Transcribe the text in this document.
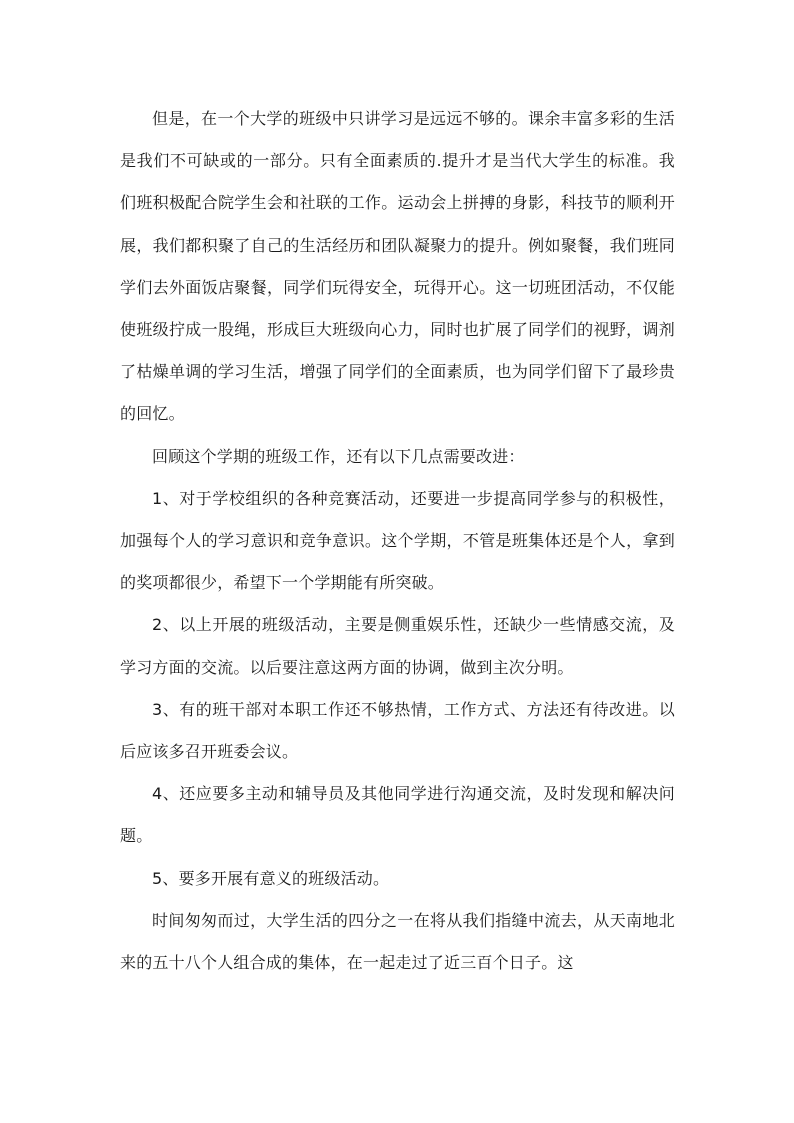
但是，在一个大学的班级中只讲学习是远远不够的。课余丰富多彩的生活是我们不可缺或的一部分。只有全面素质的.提升才是当代大学生的标准。我们班积极配合院学生会和社联的工作。运动会上拼搏的身影，科技节的顺利开展，我们都积聚了自己的生活经历和团队凝聚力的提升。例如聚餐，我们班同学们去外面饭店聚餐，同学们玩得安全，玩得开心。这一切班团活动，不仅能使班级拧成一股绳，形成巨大班级向心力，同时也扩展了同学们的视野，调剂了枯燥单调的学习生活，增强了同学们的全面素质，也为同学们留下了最珍贵的回忆。

回顾这个学期的班级工作，还有以下几点需要改进：

1、对于学校组织的各种竞赛活动，还要进一步提高同学参与的积极性，加强每个人的学习意识和竞争意识。这个学期，不管是班集体还是个人，拿到的奖项都很少，希望下一个学期能有所突破。

2、以上开展的班级活动，主要是侧重娱乐性，还缺少一些情感交流，及学习方面的交流。以后要注意这两方面的协调，做到主次分明。

3、有的班干部对本职工作还不够热情，工作方式、方法还有待改进。以后应该多召开班委会议。

4、还应要多主动和辅导员及其他同学进行沟通交流，及时发现和解决问题。

5、要多开展有意义的班级活动。

时间匆匆而过，大学生活的四分之一在将从我们指缝中流去，从天南地北来的五十八个人组合成的集体，在一起走过了近三百个日子。这
